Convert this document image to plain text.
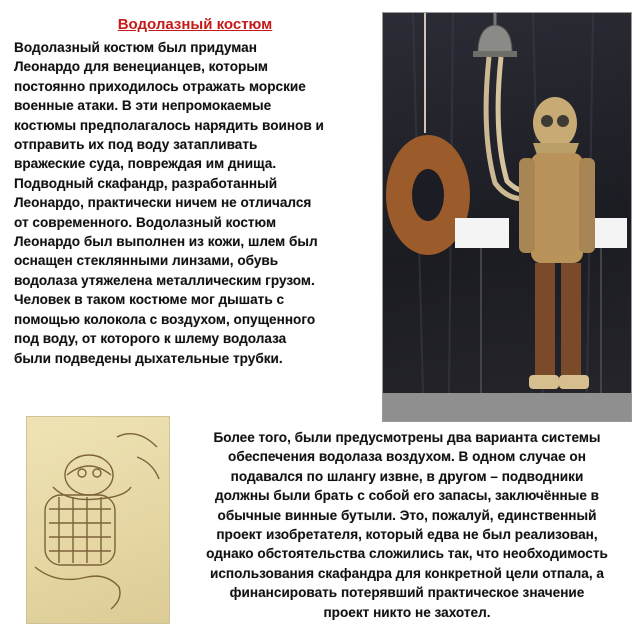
Водолазный костюм
Водолазный костюм был придуман
Леонардо для венецианцев, которым
постоянно приходилось отражать морские
военные атаки. В эти непромокаемые
костюмы предполагалось нарядить воинов и
отправить их под воду затапливать
вражеские суда, повреждая им днища.
Подводный скафандр, разработанный
Леонардо, практически ничем не отличался
от современного. Водолазный костюм
Леонардо был выполнен из кожи, шлем был
оснащен стеклянными линзами, обувь
водолаза утяжелена металлическим грузом.
Человек в таком костюме мог дышать с
помощью колокола с воздухом, опущенного
под воду, от которого к шлему водолаза
были подведены дыхательные трубки.
Более того, были предусмотрены два варианта системы
обеспечения водолаза воздухом. В одном случае он
подавался по шлангу извне, в другом – подводники
должны были брать с собой его запасы, заключённые в
обычные винные бутыли. Это, пожалуй, единственный
проект изобретателя, который едва не был реализован,
однако обстоятельства сложились так, что необходимость
использования скафандра для конкретной цели отпала, а
финансировать потерявший практическое значение
проект никто не захотел.
